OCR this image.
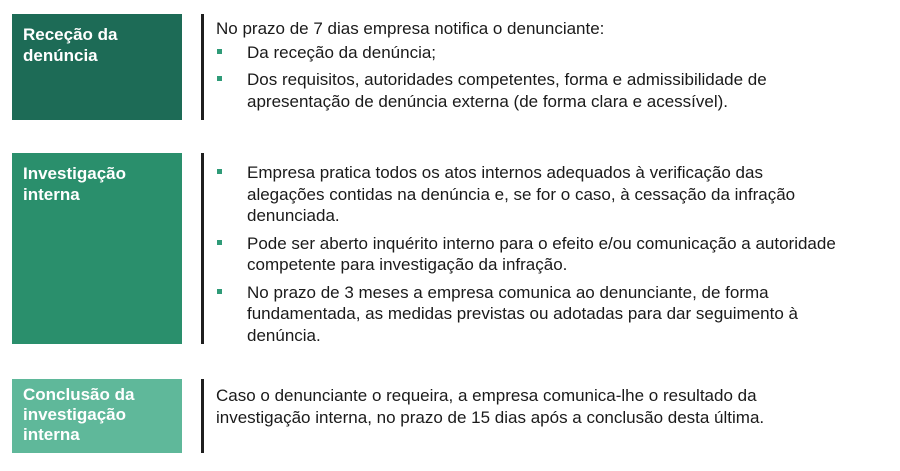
Receção da
denúncia
No prazo de 7 dias empresa notifica o denunciante:
Da receção da denúncia;
Dos requisitos, autoridades competentes, forma e admissibilidade de
apresentação de denúncia externa (de forma clara e acessível).
Investigação
interna
Empresa pratica todos os atos internos adequados à verificação das
alegações contidas na denúncia e, se for o caso, à cessação da infração
denunciada.
Pode ser aberto inquérito interno para o efeito e/ou comunicação a autoridade
competente para investigação da infração.
No prazo de 3 meses a empresa comunica ao denunciante, de forma
fundamentada, as medidas previstas ou adotadas para dar seguimento à
denúncia.
Conclusão da
investigação
interna
Caso o denunciante o requeira, a empresa comunica-lhe o resultado da
investigação interna, no prazo de 15 dias após a conclusão desta última.
